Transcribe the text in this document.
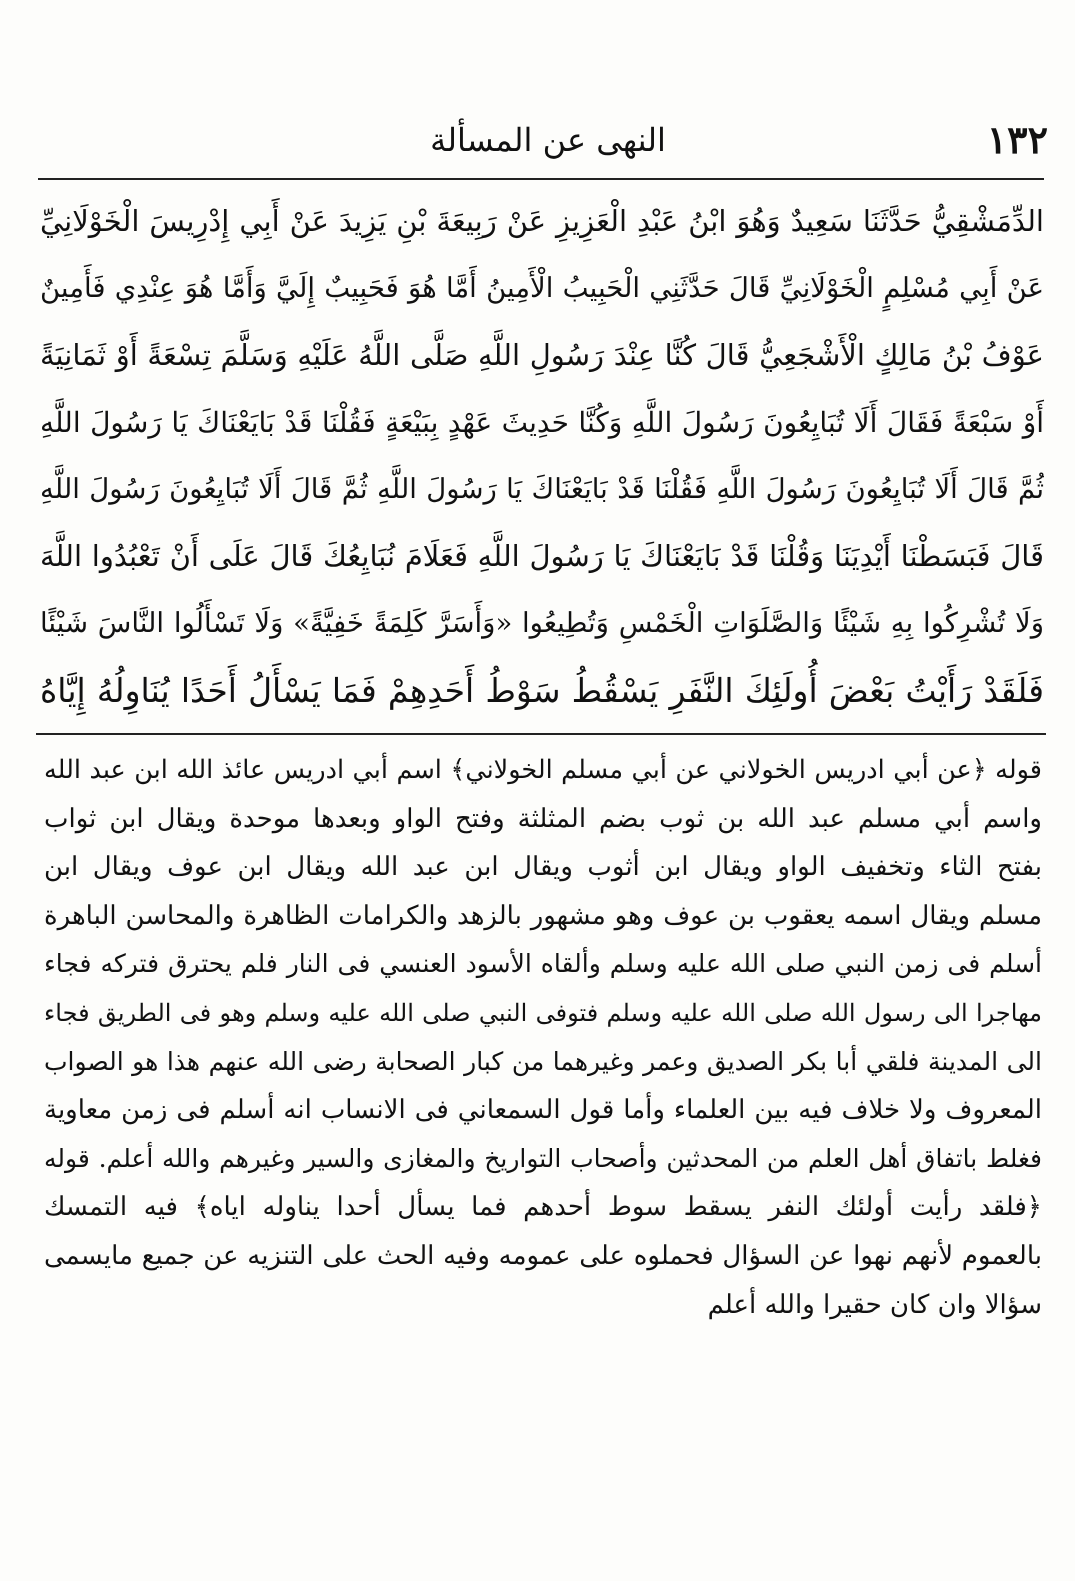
١٣٢
النهى عن المسألة
الدِّمَشْقِيُّ حَدَّثَنَا سَعِيدٌ وَهُوَ ابْنُ عَبْدِ الْعَزِيزِ عَنْ رَبِيعَةَ بْنِ يَزِيدَ عَنْ أَبِي إِدْرِيسَ الْخَوْلَانِيِّ
عَنْ أَبِي مُسْلِمٍ الْخَوْلَانِيِّ قَالَ حَدَّثَنِي الْحَبِيبُ الْأَمِينُ أَمَّا هُوَ فَحَبِيبٌ إِلَيَّ وَأَمَّا هُوَ عِنْدِي فَأَمِينٌ
عَوْفُ بْنُ مَالِكٍ الْأَشْجَعِيُّ قَالَ كُنَّا عِنْدَ رَسُولِ اللَّهِ صَلَّى اللَّهُ عَلَيْهِ وَسَلَّمَ تِسْعَةً أَوْ ثَمَانِيَةً
أَوْ سَبْعَةً فَقَالَ أَلَا تُبَايِعُونَ رَسُولَ اللَّهِ وَكُنَّا حَدِيثَ عَهْدٍ بِبَيْعَةٍ فَقُلْنَا قَدْ بَايَعْنَاكَ يَا رَسُولَ اللَّهِ
ثُمَّ قَالَ أَلَا تُبَايِعُونَ رَسُولَ اللَّهِ فَقُلْنَا قَدْ بَايَعْنَاكَ يَا رَسُولَ اللَّهِ ثُمَّ قَالَ أَلَا تُبَايِعُونَ رَسُولَ اللَّهِ
قَالَ فَبَسَطْنَا أَيْدِيَنَا وَقُلْنَا قَدْ بَايَعْنَاكَ يَا رَسُولَ اللَّهِ فَعَلَامَ نُبَايِعُكَ قَالَ عَلَى أَنْ تَعْبُدُوا اللَّهَ
وَلَا تُشْرِكُوا بِهِ شَيْئًا وَالصَّلَوَاتِ الْخَمْسِ وَتُطِيعُوا «وَأَسَرَّ كَلِمَةً خَفِيَّةً» وَلَا تَسْأَلُوا النَّاسَ شَيْئًا
فَلَقَدْ رَأَيْتُ بَعْضَ أُولَئِكَ النَّفَرِ يَسْقُطُ سَوْطُ أَحَدِهِمْ فَمَا يَسْأَلُ أَحَدًا يُنَاوِلُهُ إِيَّاهُ
قوله ﴿عن أبي ادريس الخولاني عن أبي مسلم الخولاني﴾ اسم أبي ادريس عائذ الله ابن عبد الله
واسم أبي مسلم عبد الله بن ثوب بضم المثلثة وفتح الواو وبعدها موحدة ويقال ابن ثواب
بفتح الثاء وتخفيف الواو ويقال ابن أثوب ويقال ابن عبد الله ويقال ابن عوف ويقال ابن
مسلم ويقال اسمه يعقوب بن عوف وهو مشهور بالزهد والكرامات الظاهرة والمحاسن الباهرة
أسلم فى زمن النبي صلى الله عليه وسلم وألقاه الأسود العنسي فى النار فلم يحترق فتركه فجاء
مهاجرا الى رسول الله صلى الله عليه وسلم فتوفى النبي صلى الله عليه وسلم وهو فى الطريق فجاء
الى المدينة فلقي أبا بكر الصديق وعمر وغيرهما من كبار الصحابة رضى الله عنهم هذا هو الصواب
المعروف ولا خلاف فيه بين العلماء وأما قول السمعاني فى الانساب انه أسلم فى زمن معاوية
فغلط باتفاق أهل العلم من المحدثين وأصحاب التواريخ والمغازى والسير وغيرهم والله أعلم. قوله
﴿فلقد رأيت أولئك النفر يسقط سوط أحدهم فما يسأل أحدا يناوله اياه﴾ فيه التمسك
بالعموم لأنهم نهوا عن السؤال فحملوه على عمومه وفيه الحث على التنزيه عن جميع مايسمى
سؤالا وان كان حقيرا والله أعلم
